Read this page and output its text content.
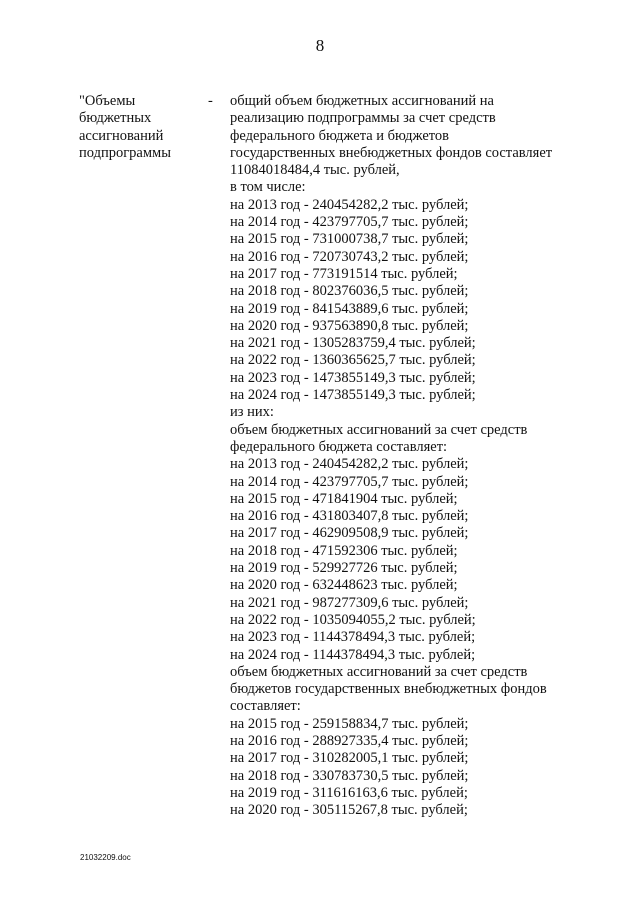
8
"Объемы
бюджетных
ассигнований
подпрограммы
- общий объем бюджетных ассигнований на
реализацию подпрограммы за счет средств
федерального бюджета и бюджетов
государственных внебюджетных фондов составляет
11084018484,4 тыс. рублей,
в том числе:
на 2013 год - 240454282,2 тыс. рублей;
на 2014 год - 423797705,7 тыс. рублей;
на 2015 год - 731000738,7 тыс. рублей;
на 2016 год - 720730743,2 тыс. рублей;
на 2017 год - 773191514 тыс. рублей;
на 2018 год - 802376036,5 тыс. рублей;
на 2019 год - 841543889,6 тыс. рублей;
на 2020 год - 937563890,8 тыс. рублей;
на 2021 год - 1305283759,4 тыс. рублей;
на 2022 год - 1360365625,7 тыс. рублей;
на 2023 год - 1473855149,3 тыс. рублей;
на 2024 год - 1473855149,3 тыс. рублей;
из них:
объем бюджетных ассигнований за счет средств
федерального бюджета составляет:
на 2013 год - 240454282,2 тыс. рублей;
на 2014 год - 423797705,7 тыс. рублей;
на 2015 год - 471841904 тыс. рублей;
на 2016 год - 431803407,8 тыс. рублей;
на 2017 год - 462909508,9 тыс. рублей;
на 2018 год - 471592306 тыс. рублей;
на 2019 год - 529927726 тыс. рублей;
на 2020 год - 632448623 тыс. рублей;
на 2021 год - 987277309,6 тыс. рублей;
на 2022 год - 1035094055,2 тыс. рублей;
на 2023 год - 1144378494,3 тыс. рублей;
на 2024 год - 1144378494,3 тыс. рублей;
объем бюджетных ассигнований за счет средств
бюджетов государственных внебюджетных фондов
составляет:
на 2015 год - 259158834,7 тыс. рублей;
на 2016 год - 288927335,4 тыс. рублей;
на 2017 год - 310282005,1 тыс. рублей;
на 2018 год - 330783730,5 тыс. рублей;
на 2019 год - 311616163,6 тыс. рублей;
на 2020 год - 305115267,8 тыс. рублей;
21032209.doc
